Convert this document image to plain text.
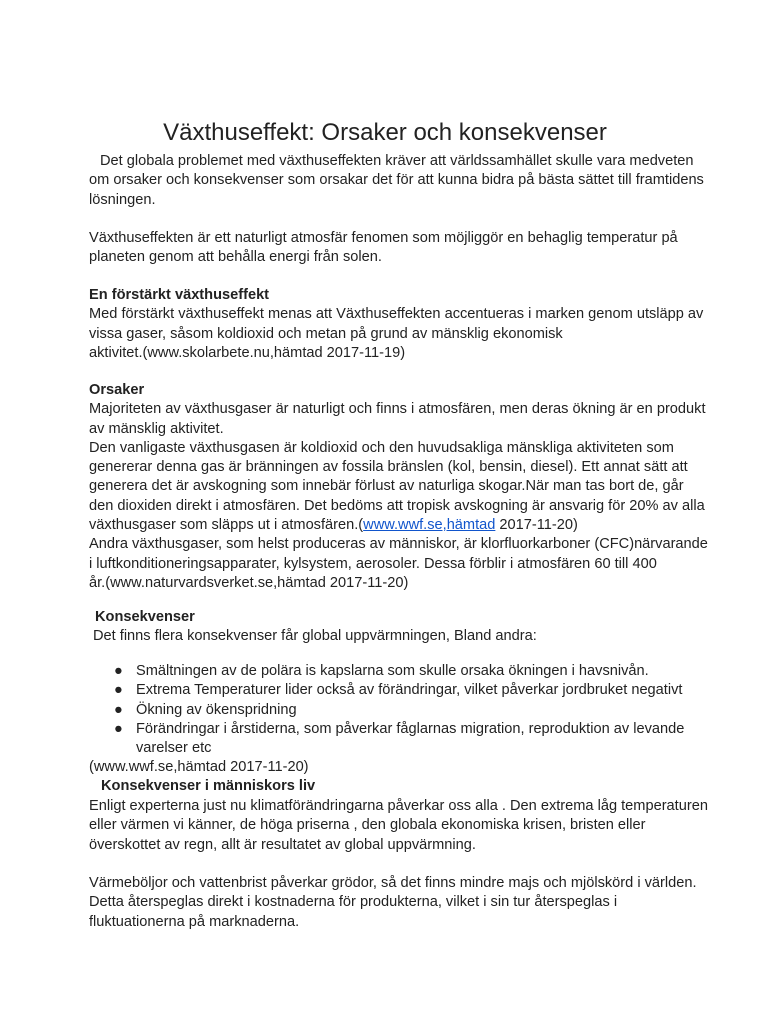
Växthuseffekt: Orsaker och konsekvenser
Det globala problemet med växthuseffekten kräver att världssamhället skulle vara medveten
om orsaker och konsekvenser som orsakar det för att kunna bidra på bästa sättet till framtidens
lösningen.
Växthuseffekten är ett naturligt atmosfär fenomen som möjliggör en behaglig temperatur på
planeten genom att behålla energi från solen.
En förstärkt växthuseffekt
Med förstärkt växthuseffekt menas att Växthuseffekten accentueras i marken genom utsläpp av
vissa gaser, såsom koldioxid och metan på grund av mänsklig ekonomisk
aktivitet.(www.skolarbete.nu,hämtad 2017-11-19)
Orsaker
Majoriteten av växthusgaser är naturligt och finns i atmosfären, men deras ökning är en produkt
av mänsklig aktivitet.
Den vanligaste växthusgasen är koldioxid och den huvudsakliga mänskliga aktiviteten som
genererar denna gas är bränningen av fossila bränslen (kol, bensin, diesel). Ett annat sätt att
generera det är avskogning som innebär förlust av naturliga skogar.När man tas bort de, går
den dioxiden direkt i atmosfären. Det bedöms att tropisk avskogning är ansvarig för 20% av alla
växthusgaser som släpps ut i atmosfären.(www.wwf.se,hämtad 2017-11-20)
Andra växthusgaser, som helst produceras av människor, är klorfluorkarboner (CFC)närvarande
i luftkonditioneringsapparater, kylsystem, aerosoler. Dessa förblir i atmosfären 60 till 400
år.(www.naturvardsverket.se,hämtad 2017-11-20)
Konsekvenser
Det finns flera konsekvenser får global uppvärmningen, Bland andra:
● Smältningen av de polära is kapslarna som skulle orsaka ökningen i havsnivån.
● Extrema Temperaturer lider också av förändringar, vilket påverkar jordbruket negativt
● Ökning av ökenspridning
● Förändringar i årstiderna, som påverkar fåglarnas migration, reproduktion av levande
varelser etc
(www.wwf.se,hämtad 2017-11-20)
Konsekvenser i människors liv
Enligt experterna just nu klimatförändringarna påverkar oss alla . Den extrema låg temperaturen
eller värmen vi känner, de höga priserna , den globala ekonomiska krisen, bristen eller
överskottet av regn, allt är resultatet av global uppvärmning.
Värmeböljor och vattenbrist påverkar grödor, så det finns mindre majs och mjölskörd i världen.
Detta återspeglas direkt i kostnaderna för produkterna, vilket i sin tur återspeglas i
fluktuationerna på marknaderna.
